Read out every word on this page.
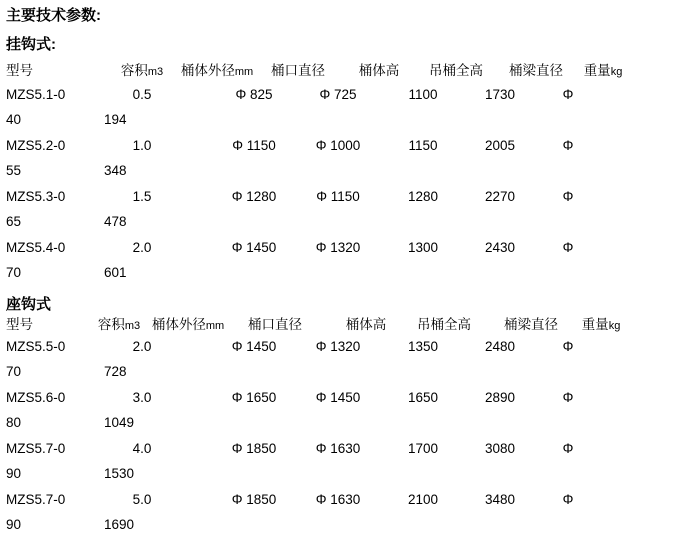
主要技术参数:
挂钩式:
型号	容积m3	桶体外径mm	桶口直径	桶体高	吊桶全高	桶梁直径	重量kg
MZS5.1-0	0.5	Φ 825	Φ 725	1100	1730	Φ
40	194
MZS5.2-0	1.0	Φ 1150	Φ 1000	1150	2005	Φ
55	348
MZS5.3-0	1.5	Φ 1280	Φ 1150	1280	2270	Φ
65	478
MZS5.4-0	2.0	Φ 1450	Φ 1320	1300	2430	Φ
70	601
座钩式
型号	容积m3 桶体外径mm	桶口直径	桶体高	吊桶全高	桶梁直径	重量kg
MZS5.5-0	2.0	Φ 1450	Φ 1320	1350	2480	Φ
70	728
MZS5.6-0	3.0	Φ 1650	Φ 1450	1650	2890	Φ
80	1049
MZS5.7-0	4.0	Φ 1850	Φ 1630	1700	3080	Φ
90	1530
MZS5.7-0	5.0	Φ 1850	Φ 1630	2100	3480	Φ
90	1690
